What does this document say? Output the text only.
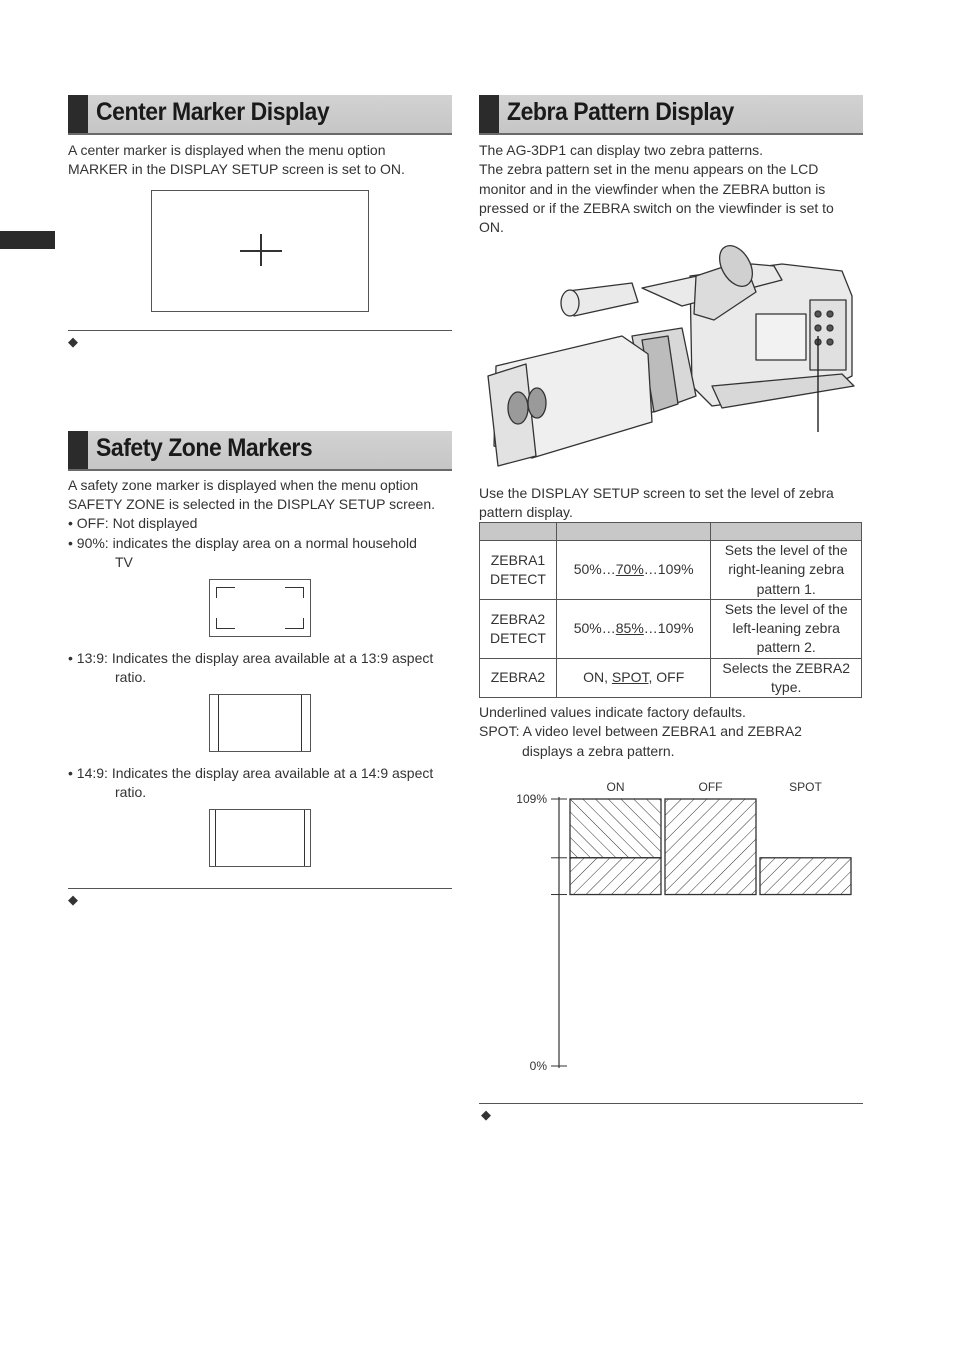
Center Marker Display

A center marker is displayed when the menu option

MARKER in the DISPLAY SETUP screen is set to ON.

◆
Safety Zone Markers

A safety zone marker is displayed when the menu option

SAFETY ZONE is selected in the DISPLAY SETUP screen.

• OFF: Not displayed
• 90%: indicates the display area on a normal household
TV
• 13:9: Indicates the display area available at a 13:9 aspect
ratio.
• 14:9: Indicates the display area available at a 14:9 aspect
ratio.
◆
Zebra Pattern Display

The AG-3DP1 can display two zebra patterns.

The zebra pattern set in the menu appears on the LCD

monitor and in the viewfinder when the ZEBRA button is

pressed or if the ZEBRA switch on the viewfinder is set to

ON.

Use the DISPLAY SETUP screen to set the level of zebra

pattern display.

ZEBRA1
DETECT	50%…70%…109%	Sets the level of the
right-leaning zebra
pattern 1.
ZEBRA2
DETECT	50%…85%…109%	Sets the level of the
left-leaning zebra
pattern 2.
ZEBRA2	ON, SPOT, OFF	Selects the ZEBRA2
type.
Underlined values indicate factory defaults.
SPOT: A video level between ZEBRA1 and ZEBRA2
displays a zebra pattern.
109%
0%
ON	OFF	SPOT
◆
